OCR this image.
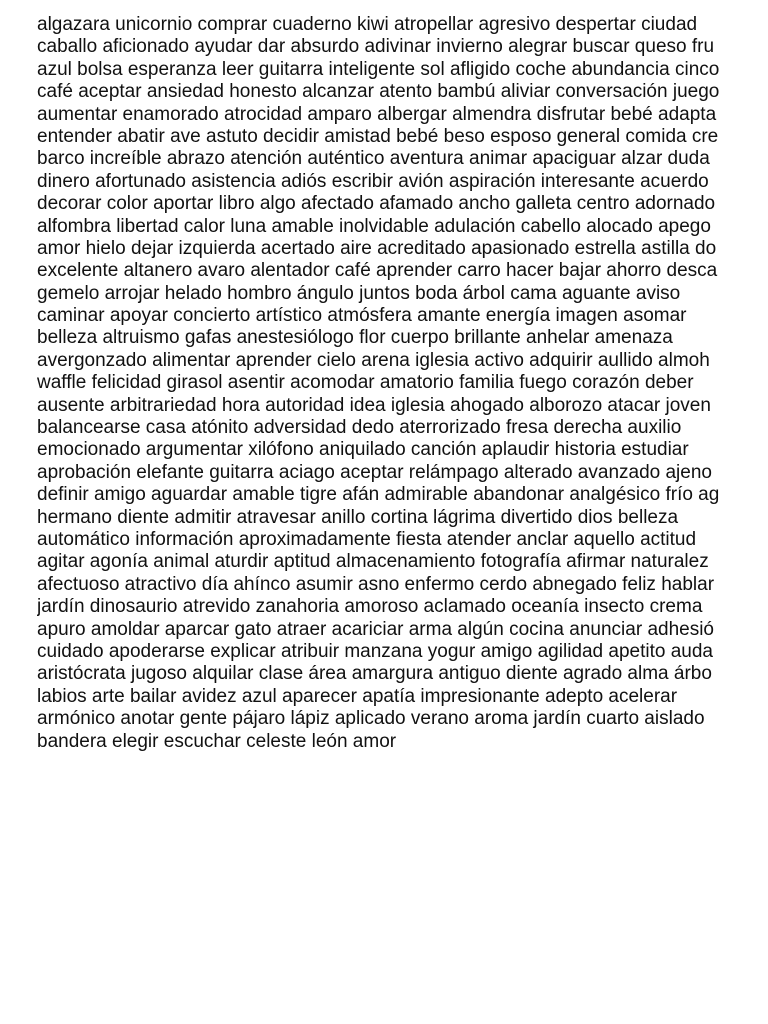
algazara unicornio comprar cuaderno kiwi atropellar agresivo despertar ciudad
caballo aficionado ayudar dar absurdo adivinar invierno alegrar buscar queso fru
azul bolsa esperanza leer guitarra inteligente sol afligido coche abundancia cinco
café aceptar ansiedad honesto alcanzar atento bambú aliviar conversación juego
aumentar enamorado atrocidad amparo albergar almendra disfrutar bebé adapta
entender abatir ave astuto decidir amistad bebé beso esposo general comida cre
barco increíble abrazo atención auténtico aventura animar apaciguar alzar duda
dinero afortunado asistencia adiós escribir avión aspiración interesante acuerdo
decorar color aportar libro algo afectado afamado ancho galleta centro adornado
alfombra libertad calor luna amable inolvidable adulación cabello alocado apego
amor hielo dejar izquierda acertado aire acreditado apasionado estrella astilla do
excelente altanero avaro alentador café aprender carro hacer bajar ahorro desca
gemelo arrojar helado hombro ángulo juntos boda árbol cama aguante aviso
caminar apoyar concierto artístico atmósfera amante energía imagen asomar
belleza altruismo gafas anestesiólogo flor cuerpo brillante anhelar amenaza
avergonzado alimentar aprender cielo arena iglesia activo adquirir aullido almoh
waffle felicidad girasol asentir acomodar amatorio familia fuego corazón deber
ausente arbitrariedad hora autoridad idea iglesia ahogado alborozo atacar joven
balancearse casa atónito adversidad dedo aterrorizado fresa derecha auxilio
emocionado argumentar xilófono aniquilado canción aplaudir historia estudiar
aprobación elefante guitarra aciago aceptar relámpago alterado avanzado ajeno
definir amigo aguardar amable tigre afán admirable abandonar analgésico frío ag
hermano diente admitir atravesar anillo cortina lágrima divertido dios belleza
automático información aproximadamente fiesta atender anclar aquello actitud
agitar agonía animal aturdir aptitud almacenamiento fotografía afirmar naturalez
afectuoso atractivo día ahínco asumir asno enfermo cerdo abnegado feliz hablar
jardín dinosaurio atrevido zanahoria amoroso aclamado oceanía insecto crema
apuro amoldar aparcar gato atraer acariciar arma algún cocina anunciar adhesió
cuidado apoderarse explicar atribuir manzana yogur amigo agilidad apetito auda
aristócrata jugoso alquilar clase área amargura antiguo diente agrado alma árbo
labios arte bailar avidez azul aparecer apatía impresionante adepto acelerar
armónico anotar gente pájaro lápiz aplicado verano aroma jardín cuarto aislado
bandera elegir escuchar celeste león amor
